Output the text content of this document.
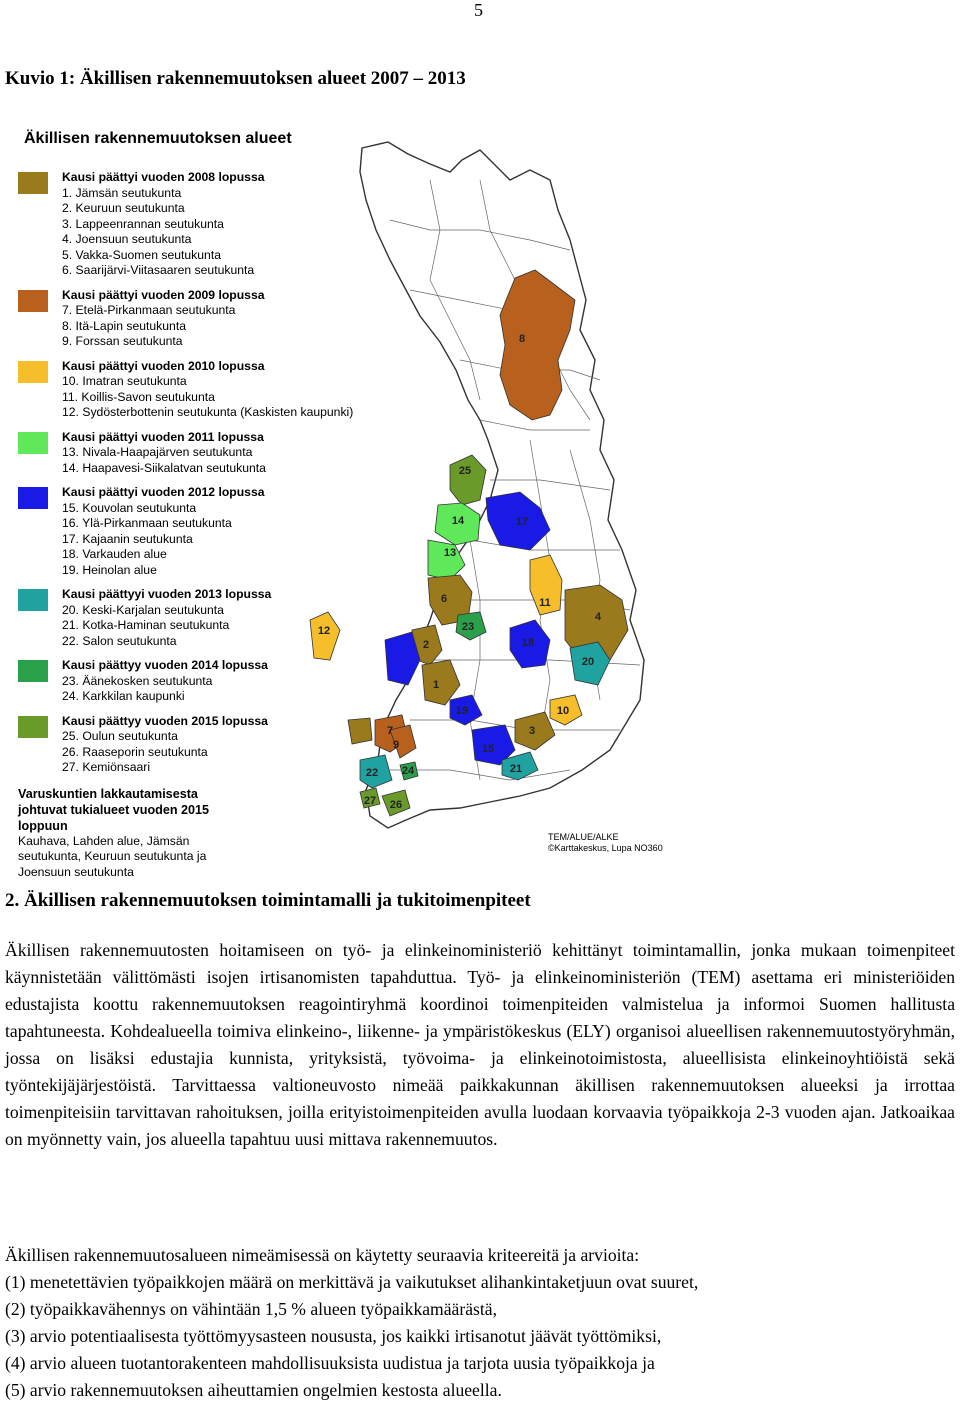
5
Kuvio 1: Äkillisen rakennemuutoksen alueet 2007 – 2013
8
25
14	17
13
6	11
4
12	23
18
2
20
19
1
10
7	3
9	15
21
24
22
27 26
Äkillisen rakennemuutoksen alueet
Kausi päättyi vuoden 2008 lopussa
1. Jämsän seutukunta
2. Keuruun seutukunta
3. Lappeenrannan seutukunta
4. Joensuun seutukunta
5. Vakka-Suomen seutukunta
6. Saarijärvi-Viitasaaren seutukunta
Kausi päättyi vuoden 2009 lopussa
7. Etelä-Pirkanmaan seutukunta
8. Itä-Lapin seutukunta
9. Forssan seutukunta
Kausi päättyi vuoden 2010 lopussa
10. Imatran seutukunta
11. Koillis-Savon seutukunta
12. Sydösterbottenin seutukunta (Kaskisten kaupunki)
Kausi päättyi vuoden 2011 lopussa
13. Nivala-Haapajärven seutukunta
14. Haapavesi-Siikalatvan seutukunta
Kausi päättyi vuoden 2012 lopussa
15. Kouvolan seutukunta
16. Ylä-Pirkanmaan seutukunta
17. Kajaanin seutukunta
18. Varkauden alue
19. Heinolan alue
Kausi päättyyi vuoden 2013 lopussa
20. Keski-Karjalan seutukunta
21. Kotka-Haminan seutukunta
22. Salon seutukunta
Kausi päättyy vuoden 2014 lopussa
23. Äänekosken seutukunta
24. Karkkilan kaupunki
Kausi päättyy vuoden 2015 lopussa
25. Oulun seutukunta
26. Raaseporin seutukunta
27. Kemiönsaari
Varuskuntien lakkautamisesta
johtuvat tukialueet vuoden 2015
loppuun
Kauhava, Lahden alue, Jämsän
seutukunta, Keuruun seutukunta ja
Joensuun seutukunta
TEM/ALUE/ALKE
©Karttakeskus, Lupa NO360
2. Äkillisen rakennemuutoksen toimintamalli ja tukitoimenpiteet
Äkillisen rakennemuutosten hoitamiseen on työ- ja elinkeinoministeriö kehittänyt toimintamallin, jonka mukaan toimenpiteet käynnistetään välittömästi isojen irtisanomisten tapahduttua. Työ- ja elinkeinoministeriön (TEM) asettama eri ministeriöiden edustajista koottu rakennemuutoksen reagointiryhmä koordinoi toimenpiteiden valmistelua ja informoi Suomen hallitusta tapahtuneesta. Kohdealueella toimiva elinkeino-, liikenne- ja ympäristökeskus (ELY) organisoi alueellisen rakennemuutostyöryhmän, jossa on lisäksi edustajia kunnista, yrityksistä, työvoima- ja elinkeinotoimistosta, alueellisista elinkeinoyhtiöistä sekä työntekijäjärjestöistä. Tarvittaessa valtioneuvosto nimeää paikkakunnan äkillisen rakennemuutoksen alueeksi ja irrottaa toimenpiteisiin tarvittavan rahoituksen, joilla erityistoimenpiteiden avulla luodaan korvaavia työpaikkoja 2-3 vuoden ajan. Jatkoaikaa on myönnetty vain, jos alueella tapahtuu uusi mittava rakennemuutos.
Äkillisen rakennemuutosalueen nimeämisessä on käytetty seuraavia kriteereitä ja arvioita:
(1) menetettävien työpaikkojen määrä on merkittävä ja vaikutukset alihankintaketjuun ovat suuret,
(2) työpaikkavähennys on vähintään 1,5 % alueen työpaikkamäärästä,
(3) arvio potentiaalisesta työttömyysasteen noususta, jos kaikki irtisanotut jäävät työttömiksi,
(4) arvio alueen tuotantorakenteen mahdollisuuksista uudistua ja tarjota uusia työpaikkoja ja
(5) arvio rakennemuutoksen aiheuttamien ongelmien kestosta alueella.
